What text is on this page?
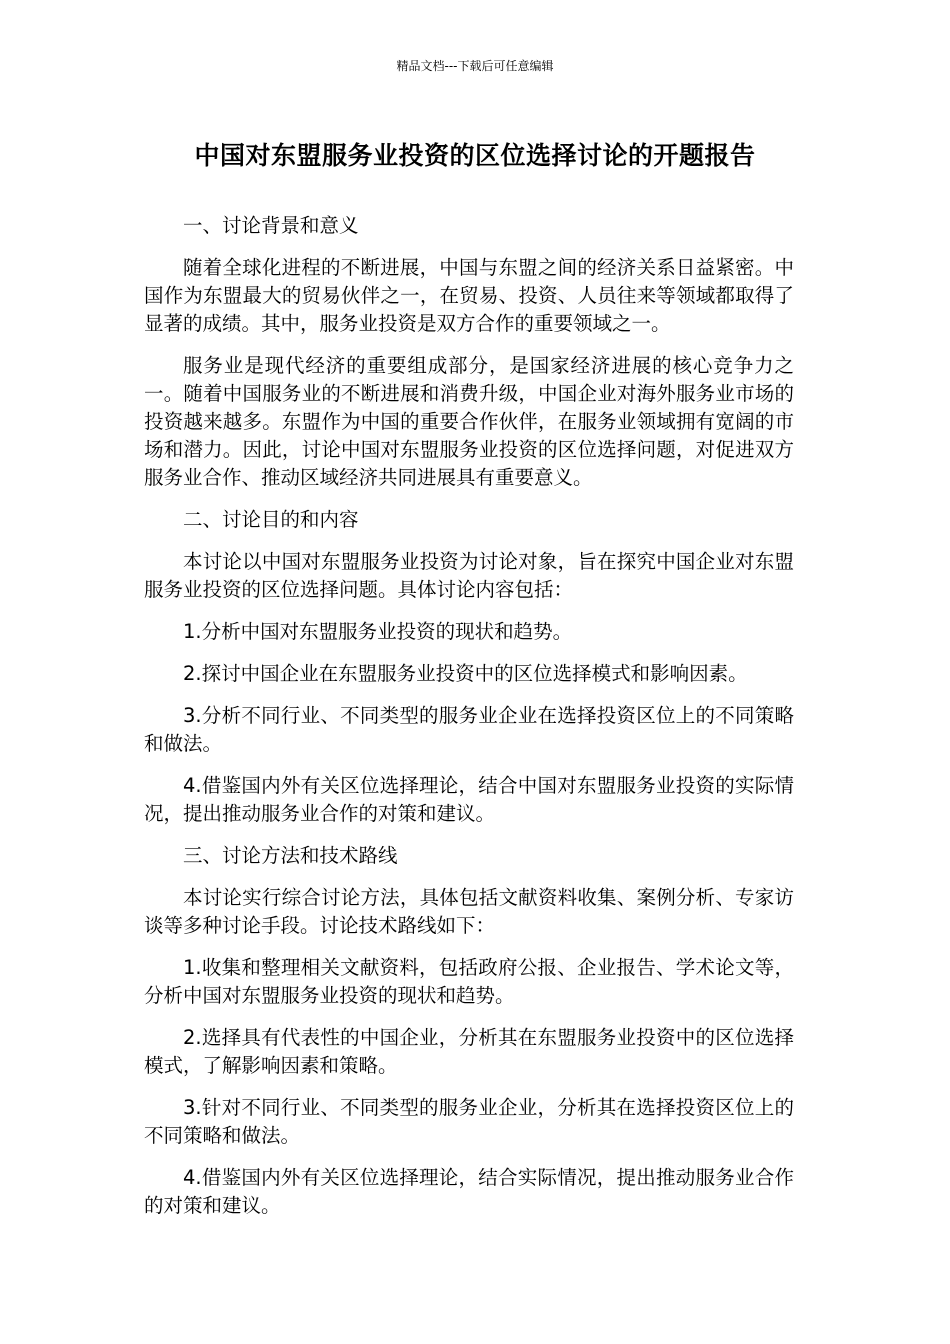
精品文档---下载后可任意编辑
中国对东盟服务业投资的区位选择讨论的开题报告
一、讨论背景和意义

随着全球化进程的不断进展，中国与东盟之间的经济关系日益紧密。中国作为东盟最大的贸易伙伴之一，在贸易、投资、人员往来等领域都取得了显著的成绩。其中，服务业投资是双方合作的重要领域之一。

服务业是现代经济的重要组成部分，是国家经济进展的核心竞争力之一。随着中国服务业的不断进展和消费升级，中国企业对海外服务业市场的投资越来越多。东盟作为中国的重要合作伙伴，在服务业领域拥有宽阔的市场和潜力。因此，讨论中国对东盟服务业投资的区位选择问题，对促进双方服务业合作、推动区域经济共同进展具有重要意义。

二、讨论目的和内容

本讨论以中国对东盟服务业投资为讨论对象，旨在探究中国企业对东盟服务业投资的区位选择问题。具体讨论内容包括：

1.分析中国对东盟服务业投资的现状和趋势。

2.探讨中国企业在东盟服务业投资中的区位选择模式和影响因素。

3.分析不同行业、不同类型的服务业企业在选择投资区位上的不同策略和做法。

4.借鉴国内外有关区位选择理论，结合中国对东盟服务业投资的实际情况，提出推动服务业合作的对策和建议。

三、讨论方法和技术路线

本讨论实行综合讨论方法，具体包括文献资料收集、案例分析、专家访谈等多种讨论手段。讨论技术路线如下：

1.收集和整理相关文献资料，包括政府公报、企业报告、学术论文等，分析中国对东盟服务业投资的现状和趋势。

2.选择具有代表性的中国企业，分析其在东盟服务业投资中的区位选择模式，了解影响因素和策略。

3.针对不同行业、不同类型的服务业企业，分析其在选择投资区位上的不同策略和做法。

4.借鉴国内外有关区位选择理论，结合实际情况，提出推动服务业合作的对策和建议。
